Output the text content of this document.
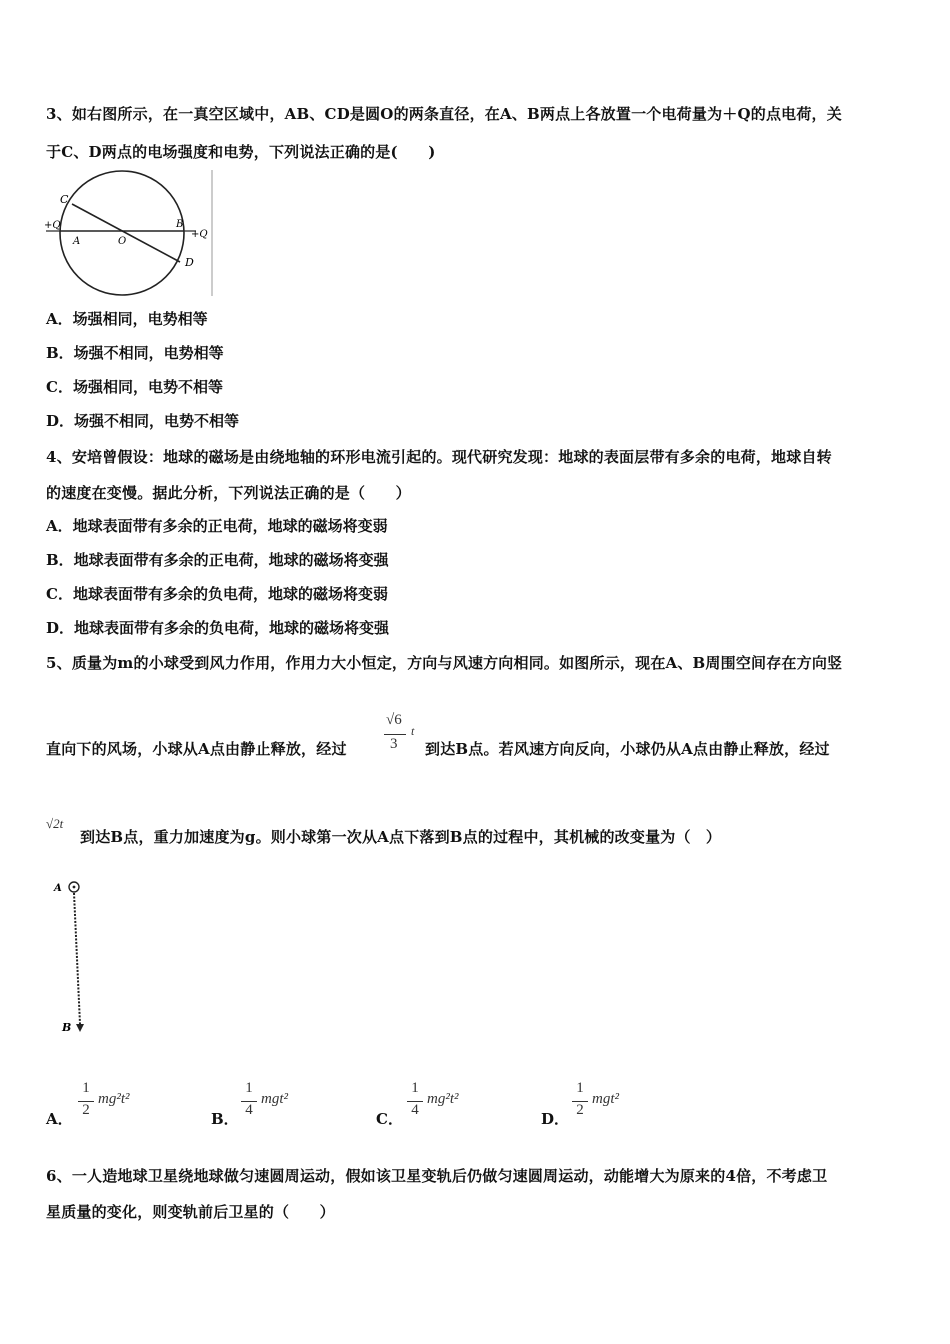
3、如右图所示，在一真空区域中，AB、CD是圆O的两条直径，在A、B两点上各放置一个电荷量为＋Q的点电荷，关
于C、D两点的电场强度和电势，下列说法正确的是(　　)
C
D
A
B
O
+Q
+Q
A．场强相同，电势相等
B．场强不相同，电势相等
C．场强相同，电势不相等
D．场强不相同，电势不相等
4、安培曾假设：地球的磁场是由绕地轴的环形电流引起的。现代研究发现：地球的表面层带有多余的电荷，地球自转
的速度在变慢。据此分析，下列说法正确的是（　　）
A．地球表面带有多余的正电荷，地球的磁场将变弱
B．地球表面带有多余的正电荷，地球的磁场将变强
C．地球表面带有多余的负电荷，地球的磁场将变弱
D．地球表面带有多余的负电荷，地球的磁场将变强
5、质量为m的小球受到风力作用，作用力大小恒定，方向与风速方向相同。如图所示，现在A、B周围空间存在方向竖
直向下的风场，小球从A点由静止释放，经过
√6
3
t
到达B点。若风速方向反向，小球仍从A点由静止释放，经过
√2t
到达B点，重力加速度为g。则小球第一次从A点下落到B点的过程中，其机械的改变量为（　）
A
B
A．
1
2
mg²t²
B．
1
4
mgt²
C．
1
4
mg²t²
D．
1
2
mgt²
6、一人造地球卫星绕地球做匀速圆周运动，假如该卫星变轨后仍做匀速圆周运动，动能增大为原来的4倍，不考虑卫
星质量的变化，则变轨前后卫星的（　　）
